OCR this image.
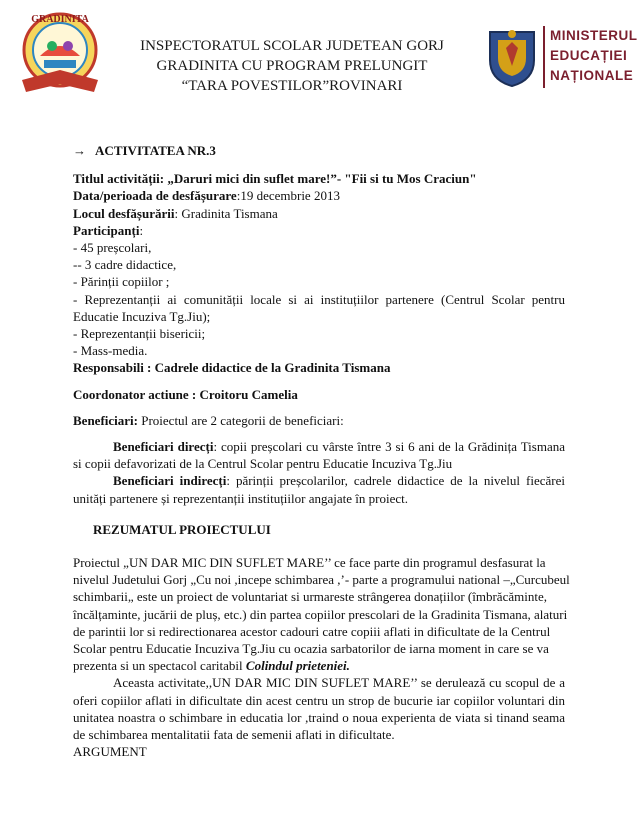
GRADINITA
INSPECTORATUL SCOLAR JUDETEAN GORJ
GRADINITA CU PROGRAM PRELUNGIT
“TARA POVESTILOR”ROVINARI
MINISTERUL
EDUCAȚIEI
NAȚIONALE

→ ACTIVITATEA NR.3

Titlul activității: „Daruri mici din suflet mare!”- "Fii si tu Mos Craciun"

Data/perioada de desfășurare:19 decembrie 2013

Locul desfășurării: Gradinita Tismana

Participanți:

- 45 preșcolari,

-- 3 cadre didactice,

- Părinții copiilor ;

- Reprezentanții ai comunității locale si ai instituțiilor partenere (Centrul Scolar pentru Educatie Incuziva Tg.Jiu);

- Reprezentanții bisericii;

- Mass-media.

Responsabili : Cadrele didactice de la Gradinita Tismana

Coordonator actiune : Croitoru Camelia

Beneficiari: Proiectul are 2 categorii de beneficiari:

Beneficiari direcți: copii preșcolari cu vârste între 3 si 6 ani de la Grădinița Tismana si copii defavorizati de la Centrul Scolar pentru Educatie Incuziva Tg.Jiu

Beneficiari indirecți: părinții preșcolarilor, cadrele didactice de la nivelul fiecărei unități partenere și reprezentanții instituțiilor angajate în proiect.

REZUMATUL PROIECTULUI

Proiectul „UN DAR MIC DIN SUFLET MARE’’ ce face parte din programul desfasurat la

nivelul Judetului Gorj „Cu noi ,incepe schimbarea ,’- parte a programului national –„Curcubeul

schimbarii„ este un proiect de voluntariat si urmareste strângerea donațiilor (îmbrăcăminte,

încălțaminte, jucării de pluș, etc.) din partea copiilor prescolari de la Gradinita Tismana, alaturi

de parintii lor si redirectionarea acestor cadouri catre copiii aflati in dificultate de la Centrul

Scolar pentru Educatie Incuziva Tg.Jiu cu ocazia sarbatorilor de iarna moment in care se va

prezenta si un spectacol caritabil Colindul prieteniei.

Aceasta activitate,,UN DAR MIC DIN SUFLET MARE’’ se derulează cu scopul de a oferi copiilor aflati in dificultate din acest centru un strop de bucurie iar copiilor voluntari din unitatea noastra o schimbare in educatia lor ,traind o noua experienta de viata si tinand seama de schimbarea mentalitatii fata de semenii aflati in dificultate.

ARGUMENT
